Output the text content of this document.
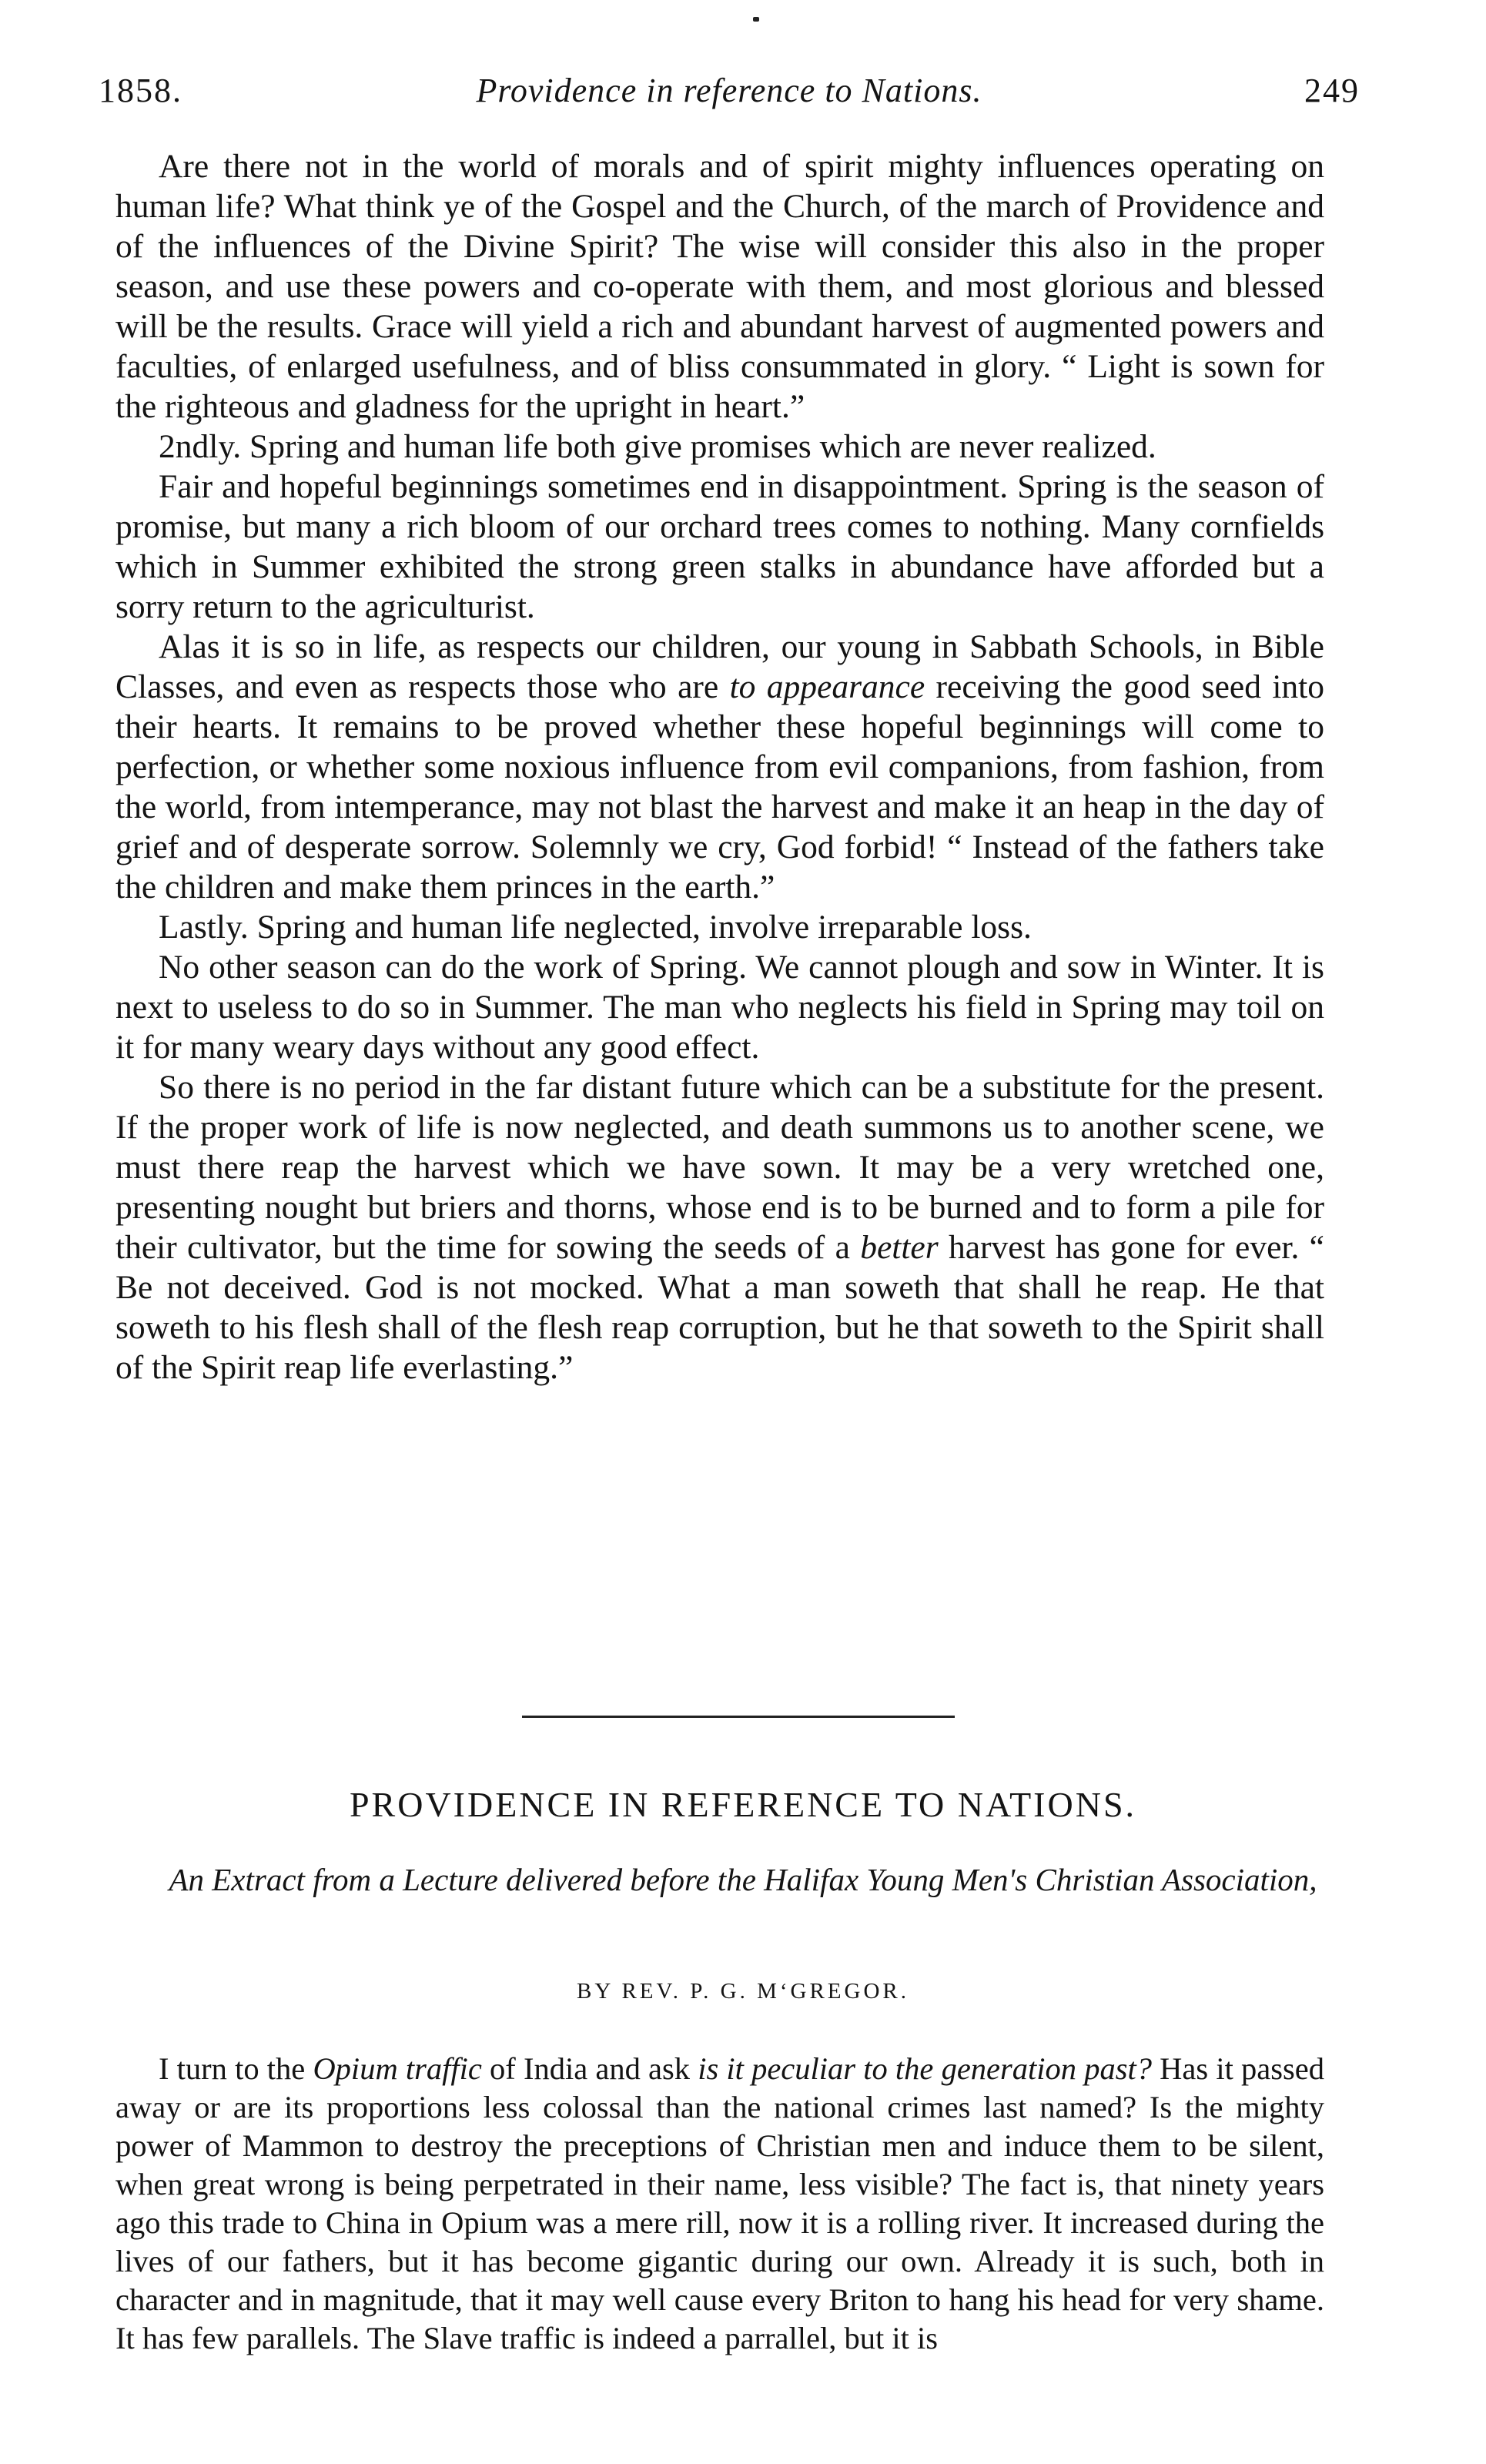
1858.	Providence in reference to Nations.	249

Are there not in the world of morals and of spirit mighty influences operating on human life? What think ye of the Gospel and the Church, of the march of Providence and of the influences of the Divine Spirit? The wise will consider this also in the proper season, and use these powers and co-operate with them, and most glorious and blessed will be the results. Grace will yield a rich and abundant harvest of augmented powers and faculties, of enlarged usefulness, and of bliss consummated in glory. “ Light is sown for the righteous and gladness for the upright in heart.”

2ndly. Spring and human life both give promises which are never realized.

Fair and hopeful beginnings sometimes end in disappointment. Spring is the season of promise, but many a rich bloom of our orchard trees comes to nothing. Many cornfields which in Summer exhibited the strong green stalks in abundance have afforded but a sorry return to the agriculturist.

Alas it is so in life, as respects our children, our young in Sabbath Schools, in Bible Classes, and even as respects those who are to appearance receiving the good seed into their hearts. It remains to be proved whether these hopeful beginnings will come to perfection, or whether some noxious influence from evil companions, from fashion, from the world, from intemperance, may not blast the harvest and make it an heap in the day of grief and of desperate sorrow. Solemnly we cry, God forbid! “ Instead of the fathers take the children and make them princes in the earth.”

Lastly. Spring and human life neglected, involve irreparable loss.

No other season can do the work of Spring. We cannot plough and sow in Winter. It is next to useless to do so in Summer. The man who neglects his field in Spring may toil on it for many weary days without any good effect.

So there is no period in the far distant future which can be a substitute for the present. If the proper work of life is now neglected, and death summons us to another scene, we must there reap the harvest which we have sown. It may be a very wretched one, presenting nought but briers and thorns, whose end is to be burned and to form a pile for their cultivator, but the time for sowing the seeds of a better harvest has gone for ever. “ Be not deceived. God is not mocked. What a man soweth that shall he reap. He that soweth to his flesh shall of the flesh reap corruption, but he that soweth to the Spirit shall of the Spirit reap life everlasting.”

PROVIDENCE IN REFERENCE TO NATIONS.
An Extract from a Lecture delivered before the Halifax Young Men's Christian Association,
BY REV. P. G. M‘GREGOR.

I turn to the Opium traffic of India and ask is it peculiar to the generation past? Has it passed away or are its proportions less colossal than the national crimes last named? Is the mighty power of Mammon to destroy the preceptions of Christian men and induce them to be silent, when great wrong is being perpetrated in their name, less visible? The fact is, that ninety years ago this trade to China in Opium was a mere rill, now it is a rolling river. It increased during the lives of our fathers, but it has become gigantic during our own. Already it is such, both in character and in magnitude, that it may well cause every Briton to hang his head for very shame. It has few parallels. The Slave traffic is indeed a parrallel, but it is
